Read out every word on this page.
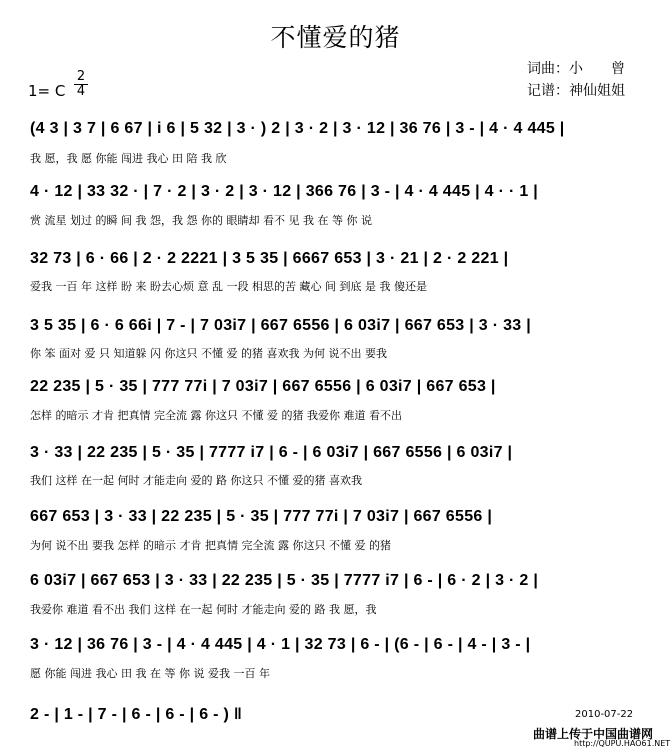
不懂爱的猪
词曲：小　　曾
记谱：神仙姐姐
1= C
2
4
(4 3 | 3 7 | 6 67 | i 6 | 5 32 | 3 · ) 2 | 3 · 2 | 3 · 12 | 36 76 | 3 - | 4 · 4 445 |
我 愿，我 愿 你能 闯进 我心 田 陪 我 欣
4 · 12 | 33 32 · | 7 · 2 | 3 · 2 | 3 · 12 | 366 76 | 3 - | 4 · 4 445 | 4 · · 1 |
赏 流星 划过 的瞬 间 我 怨，我 怨 你的 眼睛却 看不 见 我 在 等 你 说
32 73 | 6 · 66 | 2 · 2 2221 | 3 5 35 | 6667 653 | 3 · 21 | 2 · 2 221 |
爱我 一百 年 这样 盼 来 盼去心烦 意 乱 一段 相思的苦 藏心 间 到底 是 我 傻还是
3 5 35 | 6 · 6 66i | 7 - | 7 03i7 | 667 6556 | 6 03i7 | 667 653 | 3 · 33 |
你 笨 面对 爱 只 知道躲 闪 你这只 不懂 爱 的猪 喜欢我 为何 说不出 要我
22 235 | 5 · 35 | 777 77i | 7 03i7 | 667 6556 | 6 03i7 | 667 653 |
怎样 的暗示 才肯 把真情 完全流 露 你这只 不懂 爱 的猪 我爱你 难道 看不出
3 · 33 | 22 235 | 5 · 35 | 7777 i7 | 6 - | 6 03i7 | 667 6556 | 6 03i7 |
我们 这样 在一起 何时 才能走向 爱的 路 你这只 不懂 爱的猪 喜欢我
667 653 | 3 · 33 | 22 235 | 5 · 35 | 777 77i | 7 03i7 | 667 6556 |
为何 说不出 要我 怎样 的暗示 才肯 把真情 完全流 露 你这只 不懂 爱 的猪
6 03i7 | 667 653 | 3 · 33 | 22 235 | 5 · 35 | 7777 i7 | 6 - | 6 · 2 | 3 · 2 |
我爱你 难道 看不出 我们 这样 在一起 何时 才能走向 爱的 路 我 愿，我
3 · 12 | 36 76 | 3 - | 4 · 4 445 | 4 · 1 | 32 73 | 6 - | (6 - | 6 - | 4 - | 3 - |
愿 你能 闯进 我心 田 我 在 等 你 说 爱我 一百 年
2 - | 1 - | 7 - | 6 - | 6 - | 6 - ) ‖	2010-07-22
曲谱上传于中国曲谱网
http://QUPU.HAO61.NET
